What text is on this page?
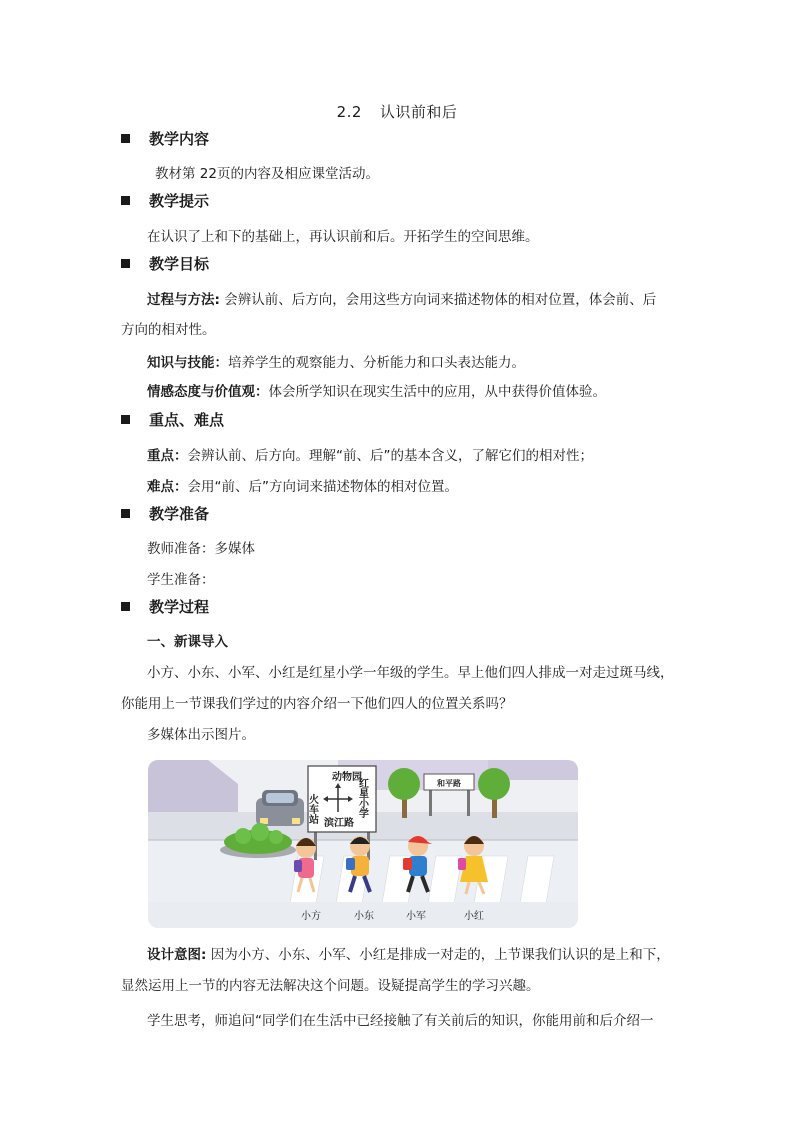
2.2 认识前和后
教学内容
教材第 22页的内容及相应课堂活动。
教学提示
在认识了上和下的基础上，再认识前和后。开拓学生的空间思维。
教学目标
过程与方法: 会辨认前、后方向，会用这些方向词来描述物体的相对位置，体会前、后
方向的相对性。
知识与技能：培养学生的观察能力、分析能力和口头表达能力。
情感态度与价值观：体会所学知识在现实生活中的应用，从中获得价值体验。
重点、难点
重点：会辨认前、后方向。理解“前、后”的基本含义，了解它们的相对性；
难点：会用“前、后”方向词来描述物体的相对位置。
教学准备
教师准备：多媒体
学生准备：
教学过程
一、新课导入
小方、小东、小军、小红是红星小学一年级的学生。早上他们四人排成一对走过斑马线，
你能用上一节课我们学过的内容介绍一下他们四人的位置关系吗？
多媒体出示图片。
和平路
动物园
火车站	红星小学
滨江路
小方	小东	小军	小红
设计意图: 因为小方、小东、小军、小红是排成一对走的，上节课我们认识的是上和下，
显然运用上一节的内容无法解决这个问题。设疑提高学生的学习兴趣。
学生思考，师追问“同学们在生活中已经接触了有关前后的知识，你能用前和后介绍一
